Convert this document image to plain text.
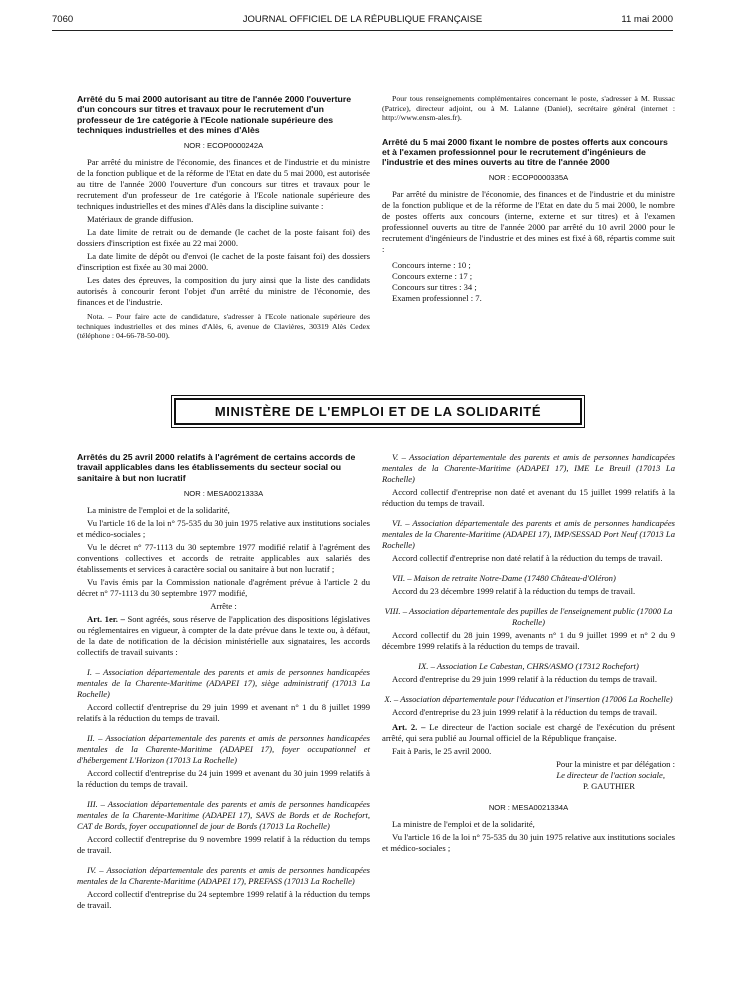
7060	JOURNAL OFFICIEL DE LA RÉPUBLIQUE FRANÇAISE	11 mai 2000
Arrêté du 5 mai 2000 autorisant au titre de l'année 2000 l'ouverture d'un concours sur titres et travaux pour le recrutement d'un professeur de 1re catégorie à l'Ecole nationale supérieure des techniques industrielles et des mines d'Alès
NOR : ECOP0000242A

Par arrêté du ministre de l'économie, des finances et de l'industrie et du ministre de la fonction publique et de la réforme de l'Etat en date du 5 mai 2000, est autorisée au titre de l'année 2000 l'ouverture d'un concours sur titres et travaux pour le recrutement d'un professeur de 1re catégorie à l'Ecole nationale supérieure des techniques industrielles et des mines d'Alès dans la discipline suivante :

Matériaux de grande diffusion.

La date limite de retrait ou de demande (le cachet de la poste faisant foi) des dossiers d'inscription est fixée au 22 mai 2000.

La date limite de dépôt ou d'envoi (le cachet de la poste faisant foi) des dossiers d'inscription est fixée au 30 mai 2000.

Les dates des épreuves, la composition du jury ainsi que la liste des candidats autorisés à concourir feront l'objet d'un arrêté du ministre de l'économie, des finances et de l'industrie.

Nota. – Pour faire acte de candidature, s'adresser à l'Ecole nationale supérieure des techniques industrielles et des mines d'Alès, 6, avenue de Clavières, 30319 Alès Cedex (téléphone : 04-66-78-50-00).

Pour tous renseignements complémentaires concernant le poste, s'adresser à M. Russac (Patrice), directeur adjoint, ou à M. Lalanne (Daniel), secrétaire général (internet : http://www.ensm-ales.fr).

Arrêté du 5 mai 2000 fixant le nombre de postes offerts aux concours et à l'examen professionnel pour le recrutement d'ingénieurs de l'industrie et des mines ouverts au titre de l'année 2000
NOR : ECOP0000335A

Par arrêté du ministre de l'économie, des finances et de l'industrie et du ministre de la fonction publique et de la réforme de l'Etat en date du 5 mai 2000, le nombre de postes offerts aux concours (interne, externe et sur titres) et à l'examen professionnel ouverts au titre de l'année 2000 par arrêté du 10 avril 2000 pour le recrutement d'ingénieurs de l'industrie et des mines est fixé à 68, répartis comme suit :

Concours interne : 10 ;

Concours externe : 17 ;

Concours sur titres : 34 ;

Examen professionnel : 7.

MINISTÈRE DE L'EMPLOI ET DE LA SOLIDARITÉ
Arrêtés du 25 avril 2000 relatifs à l'agrément de certains accords de travail applicables dans les établissements du secteur social ou sanitaire à but non lucratif
NOR : MESA0021333A

La ministre de l'emploi et de la solidarité,

Vu l'article 16 de la loi n° 75-535 du 30 juin 1975 relative aux institutions sociales et médico-sociales ;

Vu le décret n° 77-1113 du 30 septembre 1977 modifié relatif à l'agrément des conventions collectives et accords de retraite applicables aux salariés des établissements et services à caractère social ou sanitaire à but non lucratif ;

Vu l'avis émis par la Commission nationale d'agrément prévue à l'article 2 du décret n° 77-1113 du 30 septembre 1977 modifié,

Arrête :

Art. 1er. – Sont agréés, sous réserve de l'application des dispositions législatives ou réglementaires en vigueur, à compter de la date prévue dans le texte ou, à défaut, de la date de notification de la décision ministérielle aux signataires, les accords collectifs de travail suivants :

I. – Association départementale des parents et amis de personnes handicapées mentales de la Charente-Maritime (ADAPEI 17), siège administratif (17013 La Rochelle)

Accord collectif d'entreprise du 29 juin 1999 et avenant n° 1 du 8 juillet 1999 relatifs à la réduction du temps de travail.

II. – Association départementale des parents et amis de personnes handicapées mentales de la Charente-Maritime (ADAPEI 17), foyer occupationnel et d'hébergement L'Horizon (17013 La Rochelle)

Accord collectif d'entreprise du 24 juin 1999 et avenant du 30 juin 1999 relatifs à la réduction du temps de travail.

III. – Association départementale des parents et amis de personnes handicapées mentales de la Charente-Maritime (ADAPEI 17), SAVS de Bords et de Rochefort, CAT de Bords, foyer occupationnel de jour de Bords (17013 La Rochelle)

Accord collectif d'entreprise du 9 novembre 1999 relatif à la réduction du temps de travail.

IV. – Association départementale des parents et amis de personnes handicapées mentales de la Charente-Maritime (ADAPEI 17), PREFASS (17013 La Rochelle)

Accord collectif d'entreprise du 24 septembre 1999 relatif à la réduction du temps de travail.

V. – Association départementale des parents et amis de personnes handicapées mentales de la Charente-Maritime (ADAPEI 17), IME Le Breuil (17013 La Rochelle)

Accord collectif d'entreprise non daté et avenant du 15 juillet 1999 relatifs à la réduction du temps de travail.

VI. – Association départementale des parents et amis de personnes handicapées mentales de la Charente-Maritime (ADAPEI 17), IMP/SESSAD Port Neuf (17013 La Rochelle)

Accord collectif d'entreprise non daté relatif à la réduction du temps de travail.

VII. – Maison de retraite Notre-Dame (17480 Château-d'Oléron)

Accord du 23 décembre 1999 relatif à la réduction du temps de travail.

VIII. – Association départementale des pupilles de l'enseignement public (17000 La Rochelle)

Accord collectif du 28 juin 1999, avenants n° 1 du 9 juillet 1999 et n° 2 du 9 décembre 1999 relatifs à la réduction du temps de travail.

IX. – Association Le Cabestan, CHRS/ASMO (17312 Rochefort)

Accord d'entreprise du 29 juin 1999 relatif à la réduction du temps de travail.

X. – Association départementale pour l'éducation et l'insertion (17006 La Rochelle)

Accord d'entreprise du 23 juin 1999 relatif à la réduction du temps de travail.

Art. 2. – Le directeur de l'action sociale est chargé de l'exécution du présent arrêté, qui sera publié au Journal officiel de la République française.

Fait à Paris, le 25 avril 2000.

Pour la ministre et par délégation :

Le directeur de l'action sociale,

P. GAUTHIER

NOR : MESA0021334A

La ministre de l'emploi et de la solidarité,

Vu l'article 16 de la loi n° 75-535 du 30 juin 1975 relative aux institutions sociales et médico-sociales ;
